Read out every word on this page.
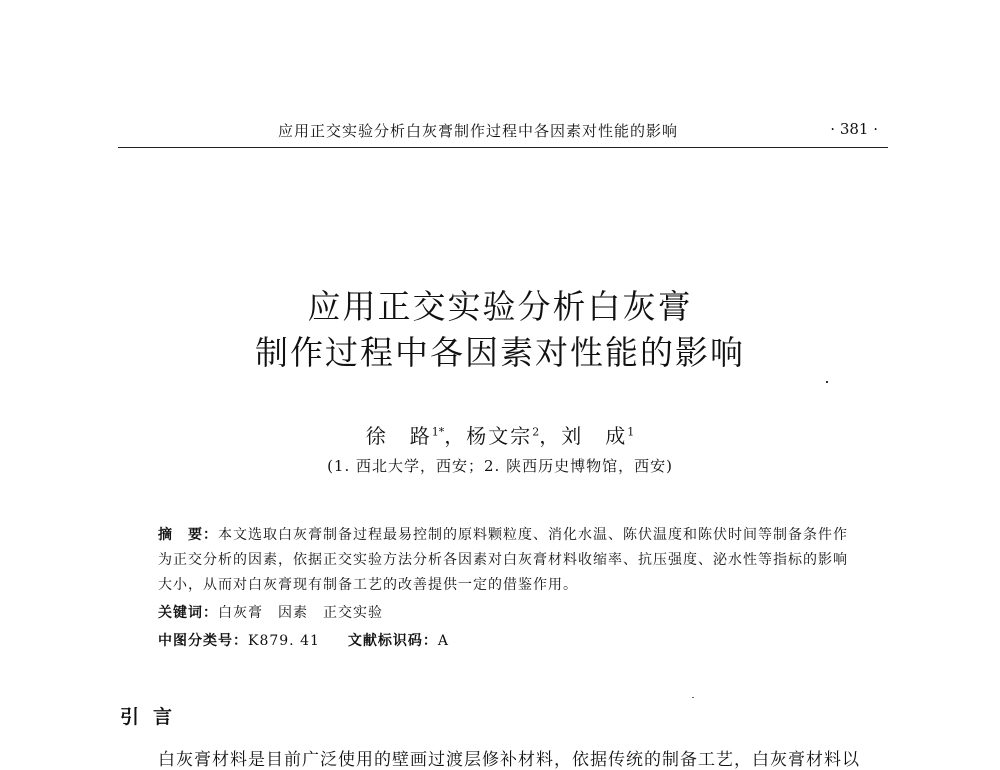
应用正交实验分析白灰膏制作过程中各因素对性能的影响	· 381 ·
应用正交实验分析白灰膏
制作过程中各因素对性能的影响
徐　路$^{1*}$，杨文宗$^2$，刘　成$^1$
(1. 西北大学，西安；2. 陕西历史博物馆，西安)
摘　要：本文选取白灰膏制备过程最易控制的原料颗粒度、消化水温、陈伏温度和陈伏时间等制备条件作为正交分析的因素，依据正交实验方法分析各因素对白灰膏材料收缩率、抗压强度、泌水性等指标的影响大小，从而对白灰膏现有制备工艺的改善提供一定的借鉴作用。
关键词：白灰膏　因素　正交实验
中图分类号：K879. 41 文献标识码：A
引言
白灰膏材料是目前广泛使用的壁画过渡层修补材料，依据传统的制备工艺，白灰膏材料以
